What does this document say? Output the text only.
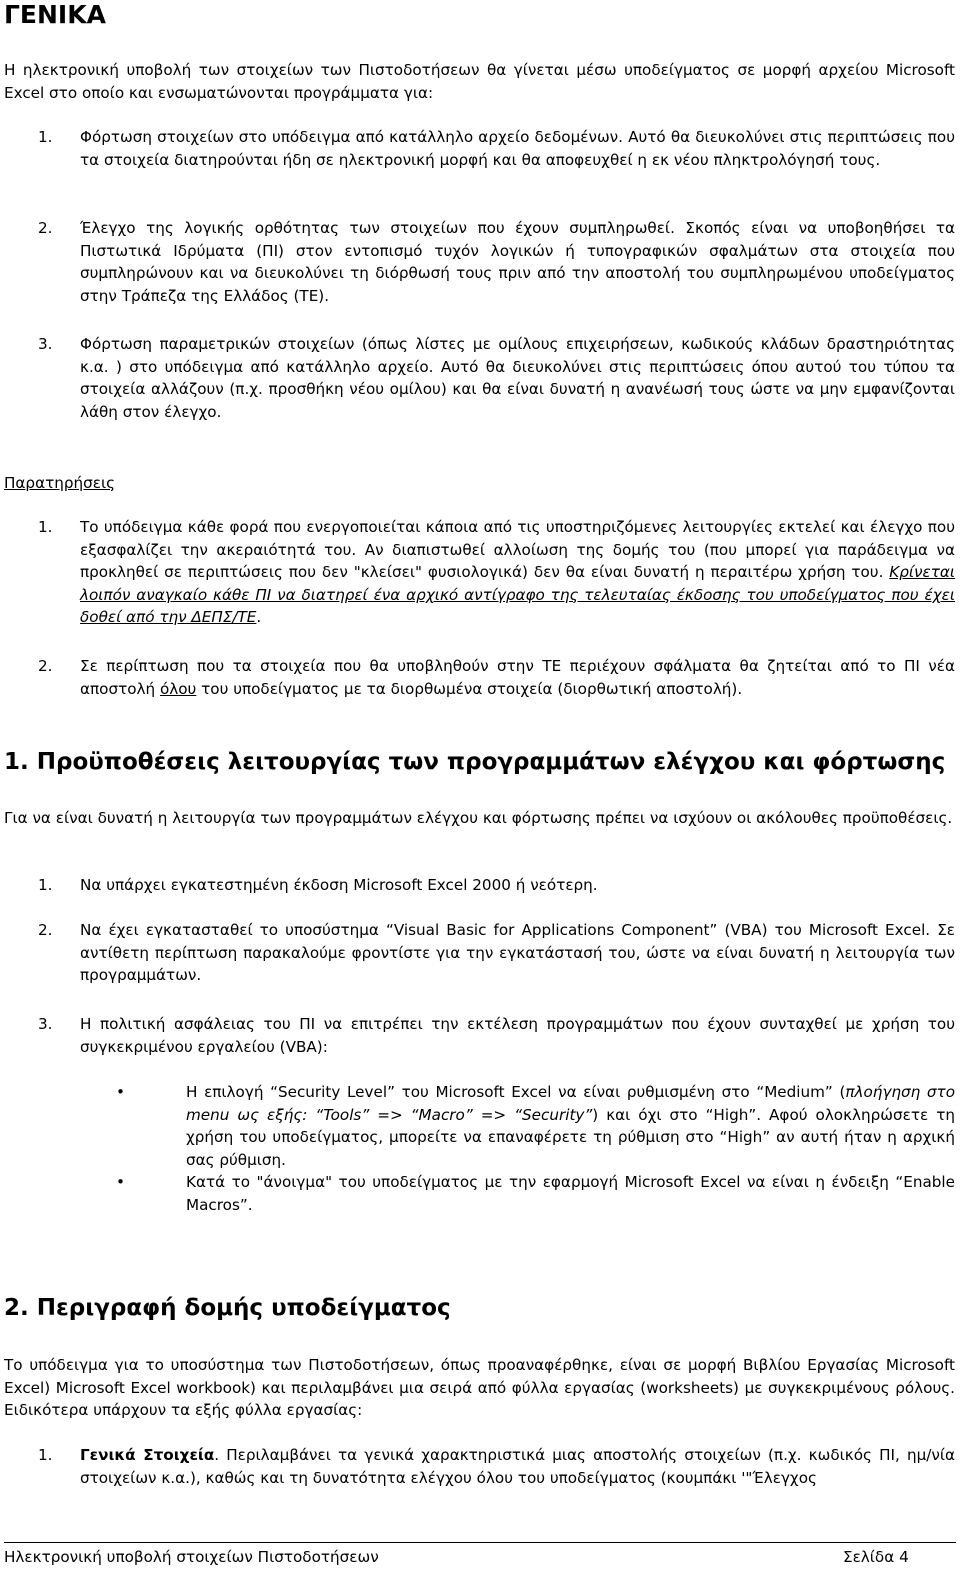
ΓΕΝΙΚΑ
Η ηλεκτρονική υποβολή των στοιχείων των Πιστοδοτήσεων θα γίνεται μέσω υποδείγματος σε μορφή αρχείου Microsoft Excel στο οποίο και ενσωματώνονται προγράμματα για:
1.	Φόρτωση στοιχείων στο υπόδειγμα από κατάλληλο αρχείο δεδομένων. Αυτό θα διευκολύνει στις περιπτώσεις που τα στοιχεία διατηρούνται ήδη σε ηλεκτρονική μορφή και θα αποφευχθεί η εκ νέου πληκτρολόγησή τους.
2.	Έλεγχο της λογικής ορθότητας των στοιχείων που έχουν συμπληρωθεί. Σκοπός είναι να υποβοηθήσει τα Πιστωτικά Ιδρύματα (ΠΙ) στον εντοπισμό τυχόν λογικών ή τυπογραφικών σφαλμάτων στα στοιχεία που συμπληρώνουν και να διευκολύνει τη διόρθωσή τους πριν από την αποστολή του συμπληρωμένου υποδείγματος στην Τράπεζα της Ελλάδος (ΤΕ).
3.	Φόρτωση παραμετρικών στοιχείων (όπως λίστες με ομίλους επιχειρήσεων, κωδικούς κλάδων δραστηριότητας κ.α. ) στο υπόδειγμα από κατάλληλο αρχείο. Αυτό θα διευκολύνει στις περιπτώσεις όπου αυτού του τύπου τα στοιχεία αλλάζουν (π.χ. προσθήκη νέου ομίλου) και θα είναι δυνατή η ανανέωσή τους ώστε να μην εμφανίζονται λάθη στον έλεγχο.
Παρατηρήσεις
1.	Το υπόδειγμα κάθε φορά που ενεργοποιείται κάποια από τις υποστηριζόμενες λειτουργίες εκτελεί και έλεγχο που εξασφαλίζει την ακεραιότητά του. Αν διαπιστωθεί αλλοίωση της δομής του (που μπορεί για παράδειγμα να προκληθεί σε περιπτώσεις που δεν "κλείσει" φυσιολογικά) δεν θα είναι δυνατή η περαιτέρω χρήση του. Κρίνεται λοιπόν αναγκαίο κάθε ΠΙ να διατηρεί ένα αρχικό αντίγραφο της τελευταίας έκδοσης του υποδείγματος που έχει δοθεί από την ΔΕΠΣ/ΤΕ.
2.	Σε περίπτωση που τα στοιχεία που θα υποβληθούν στην ΤΕ περιέχουν σφάλματα θα ζητείται από το ΠΙ νέα αποστολή όλου του υποδείγματος με τα διορθωμένα στοιχεία (διορθωτική αποστολή).
1. Προϋποθέσεις λειτουργίας των προγραμμάτων ελέγχου και φόρτωσης
Για να είναι δυνατή η λειτουργία των προγραμμάτων ελέγχου και φόρτωσης πρέπει να ισχύουν οι ακόλουθες προϋποθέσεις.
1.	Να υπάρχει εγκατεστημένη έκδοση Microsoft Excel 2000 ή νεότερη.
2.	Να έχει εγκατασταθεί το υποσύστημα “Visual Basic for Applications Component” (VBA) του Microsoft Excel. Σε αντίθετη περίπτωση παρακαλούμε φροντίστε για την εγκατάστασή του, ώστε να είναι δυνατή η λειτουργία των προγραμμάτων.
3.	Η πολιτική ασφάλειας του ΠΙ να επιτρέπει την εκτέλεση προγραμμάτων που έχουν συνταχθεί με χρήση του συγκεκριμένου εργαλείου (VBA):
•	Η επιλογή “Security Level” του Microsoft Excel να είναι ρυθμισμένη στο “Medium” (πλοήγηση στο menu ως εξής: “Tools” => “Macro” => “Security”) και όχι στο “High”. Αφού ολοκληρώσετε τη χρήση του υποδείγματος, μπορείτε να επαναφέρετε τη ρύθμιση στο “High” αν αυτή ήταν η αρχική σας ρύθμιση.
•	Κατά το "άνοιγμα" του υποδείγματος με την εφαρμογή Microsoft Excel να είναι η ένδειξη “Enable Macros”.
2. Περιγραφή δομής υποδείγματος
Το υπόδειγμα για το υποσύστημα των Πιστοδοτήσεων, όπως προαναφέρθηκε, είναι σε μορφή Βιβλίου Εργασίας Microsoft Excel) Microsoft Excel workbook) και περιλαμβάνει μια σειρά από φύλλα εργασίας (worksheets) με συγκεκριμένους ρόλους. Ειδικότερα υπάρχουν τα εξής φύλλα εργασίας:
1.	Γενικά Στοιχεία. Περιλαμβάνει τα γενικά χαρακτηριστικά μιας αποστολής στοιχείων (π.χ. κωδικός ΠΙ, ημ/νία στοιχείων κ.α.), καθώς και τη δυνατότητα ελέγχου όλου του υποδείγματος (κουμπάκι '"Έλεγχος
Ηλεκτρονική υποβολή στοιχείων Πιστοδοτήσεων	Σελίδα 4
